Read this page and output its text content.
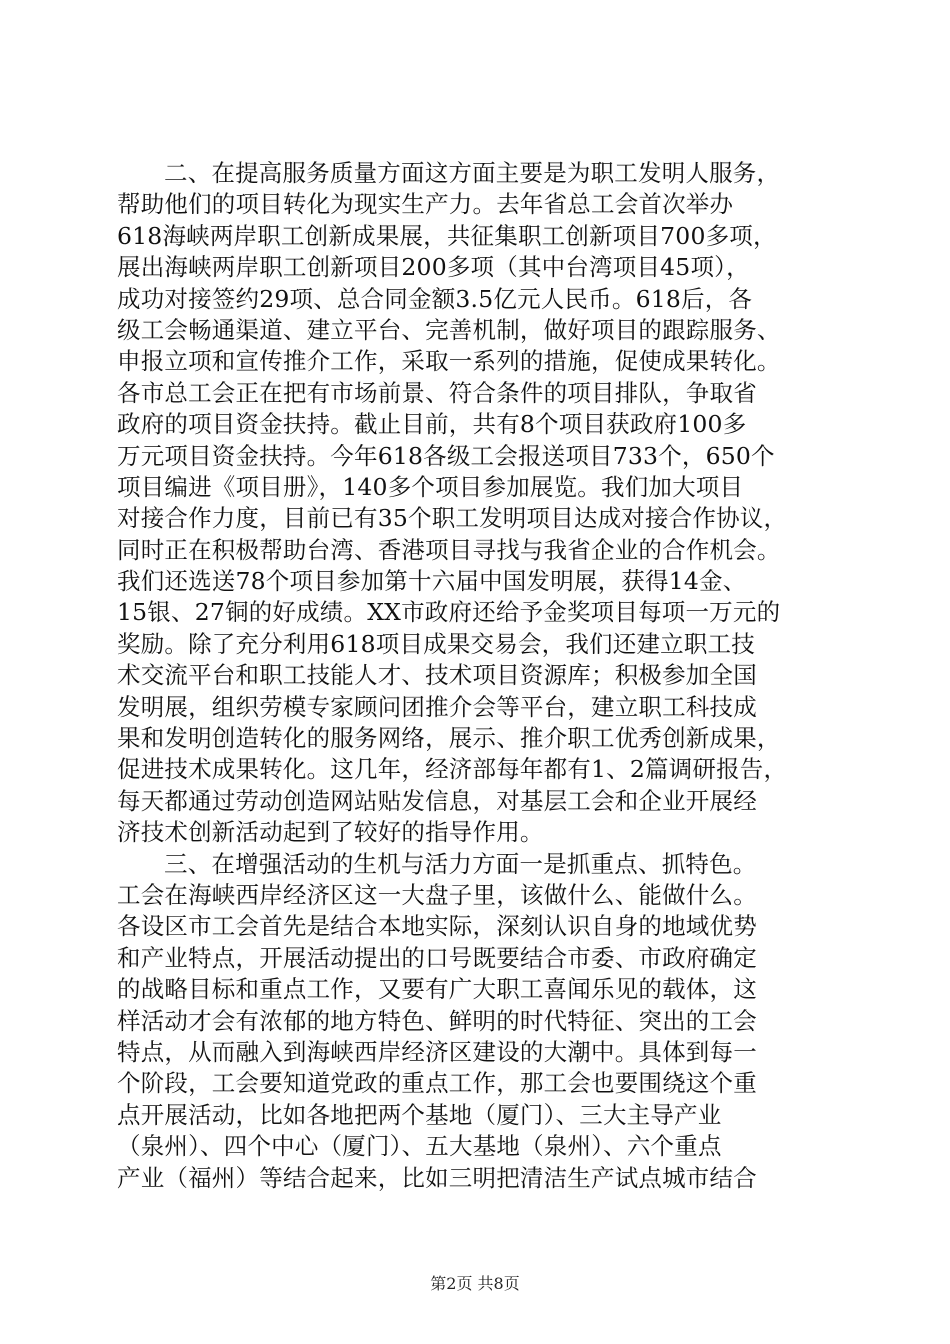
二、在提高服务质量方面这方面主要是为职工发明人服务，
帮助他们的项目转化为现实生产力。去年省总工会首次举办
618海峡两岸职工创新成果展，共征集职工创新项目700多项，
展出海峡两岸职工创新项目200多项（其中台湾项目45项），
成功对接签约29项、总合同金额3.5亿元人民币。618后，各
级工会畅通渠道、建立平台、完善机制，做好项目的跟踪服务、
申报立项和宣传推介工作，采取一系列的措施，促使成果转化。
各市总工会正在把有市场前景、符合条件的项目排队，争取省
政府的项目资金扶持。截止目前，共有8个项目获政府100多
万元项目资金扶持。今年618各级工会报送项目733个，650个
项目编进《项目册》，140多个项目参加展览。我们加大项目
对接合作力度，目前已有35个职工发明项目达成对接合作协议，
同时正在积极帮助台湾、香港项目寻找与我省企业的合作机会。
我们还选送78个项目参加第十六届中国发明展，获得14金、
15银、27铜的好成绩。XX市政府还给予金奖项目每项一万元的
奖励。除了充分利用618项目成果交易会，我们还建立职工技
术交流平台和职工技能人才、技术项目资源库；积极参加全国
发明展，组织劳模专家顾问团推介会等平台，建立职工科技成
果和发明创造转化的服务网络，展示、推介职工优秀创新成果，
促进技术成果转化。这几年，经济部每年都有1、2篇调研报告，
每天都通过劳动创造网站贴发信息，对基层工会和企业开展经
济技术创新活动起到了较好的指导作用。
三、在增强活动的生机与活力方面一是抓重点、抓特色。
工会在海峡西岸经济区这一大盘子里，该做什么、能做什么。
各设区市工会首先是结合本地实际，深刻认识自身的地域优势
和产业特点，开展活动提出的口号既要结合市委、市政府确定
的战略目标和重点工作，又要有广大职工喜闻乐见的载体，这
样活动才会有浓郁的地方特色、鲜明的时代特征、突出的工会
特点，从而融入到海峡西岸经济区建设的大潮中。具体到每一
个阶段，工会要知道党政的重点工作，那工会也要围绕这个重
点开展活动，比如各地把两个基地（厦门）、三大主导产业
（泉州）、四个中心（厦门）、五大基地（泉州）、六个重点
产业（福州）等结合起来，比如三明把清洁生产试点城市结合
第2页 共8页
